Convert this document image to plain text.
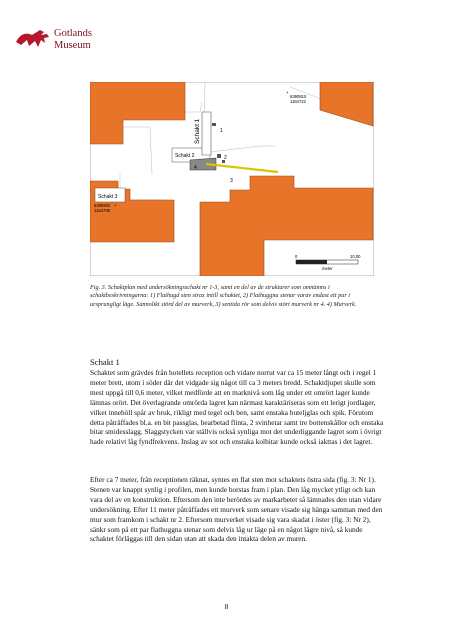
Gotlands
Museum
Schakt 3
Schakt 2
Schakt 1	1
2
3
4
+
6390810
1164722
+
6389902
1164709
0	10,00
meter
Fig. 3. Schaktplan med undersökningsschakt nr 1-3, samt en del av de strukturer som omnämns i schaktbeskrivningarna: 1) Flathugd sten strax intill schaktet, 2) Flathuggna stenar varav endast ett par i ursprungligt läge. Sannolikt störd del av murverk, 3) sentida rör som delvis stört murverk nr 4. 4) Murverk.
Schakt 1

Schaktet som grävdes från hotellets reception och vidare norrut var ca 15 meter långt och i regel 1 meter brett, utom i söder där det vidgade sig något till ca 3 meters bredd. Schaktdjupet skulle som mest uppgå till 0,6 meter, vilket medförde att en marknivå som låg under ett omrört lager kunde lämnas orört. Det överlagrande omrörda lagret kan närmast karaktäriseras som ett lerigt jordlager, vilket innehöll spår av bruk, rikligt med tegel och ben, samt enstaka buteljglas och spik. Förutom detta påträffades bl.a. en bit passglas, bearbetad flinta, 2 svinhetar samt tre bottenskållor och enstaka bitar smidesslagg. Slaggstycken var ställvis också synliga mot det underliggande lagret som i övrigt hade relativt låg fyndfrekvens. Inslag av sot och enstaka kolbitar kunde också iakttas i det lagret.

Efter ca 7 meter, från receptionen räknat, syntes en flat sten mot schaktets östra sida (fig. 3: Nr 1). Stenen var knappt synlig i profilen, men kunde borstas fram i plan. Den låg mycket ytligt och kan vara del av en konstruktion. Eftersom den inte berördes av markarbetet så lämnades den utan vidare undersökning. Efter 11 meter påträffades ett murverk som senare visade sig hänga samman med den mur som framkom i schakt nr 2. Eftersom murverket visade sig vara skadat i öster (fig. 3: Nr 2), sänkr som på ett par flathuggna stenar som delvis låg ur läge på en något lägre nivå, så kunde schaktet förläggas till den sidan utan att skada den intakta delen av muren.

8
